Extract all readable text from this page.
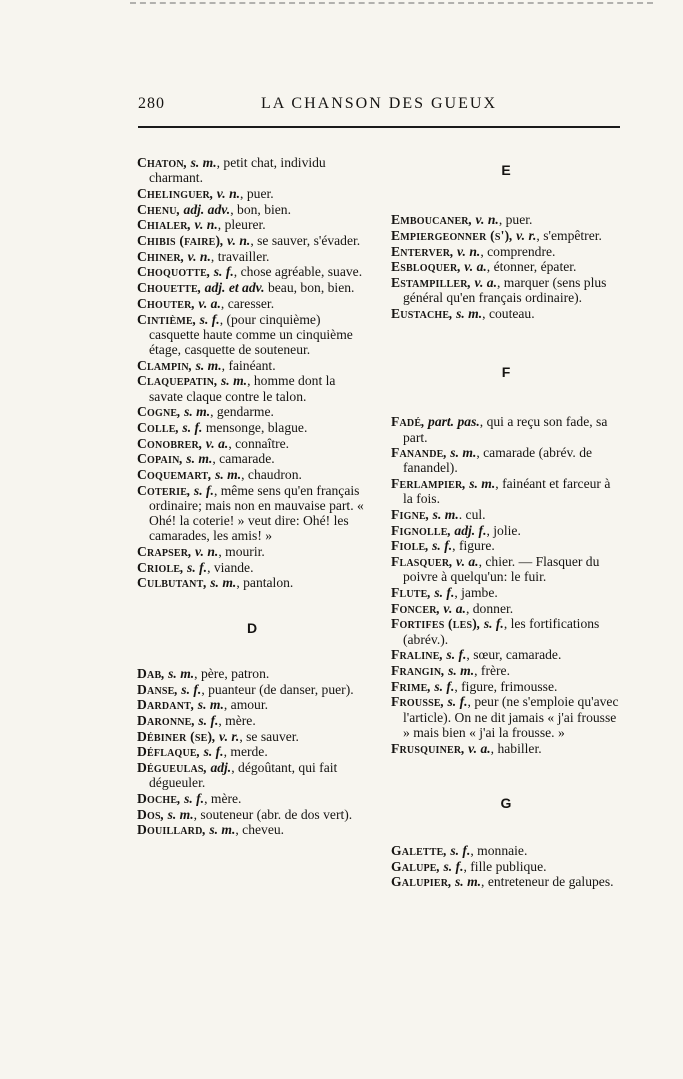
280	LA CHANSON DES GUEUX
Chaton, s. m., petit chat, individu charmant.
Chelinguer, v. n., puer.
Chenu, adj. adv., bon, bien.
Chialer, v. n., pleurer.
Chibis (faire), v. n., se sauver, s'évader.
Chiner, v. n., travailler.
Choquotte, s. f., chose agréable, suave.
Chouette, adj. et adv. beau, bon, bien.
Chouter, v. a., caresser.
Cintième, s. f., (pour cinquième) casquette haute comme un cinquième étage, casquette de souteneur.
Clampin, s. m., fainéant.
Claquepatin, s. m., homme dont la savate claque contre le talon.
Cogne, s. m., gendarme.
Colle, s. f. mensonge, blague.
Conobrer, v. a., connaître.
Copain, s. m., camarade.
Coquemart, s. m., chaudron.
Coterie, s. f., même sens qu'en français ordinaire; mais non en mauvaise part. « Ohé! la coterie! » veut dire: Ohé! les camarades, les amis! »
Crapser, v. n., mourir.
Criole, s. f., viande.
Culbutant, s. m., pantalon.
D
Dab, s. m., père, patron.
Danse, s. f., puanteur (de danser, puer).
Dardant, s. m., amour.
Daronne, s. f., mère.
Débiner (se), v. r., se sauver.
Déflaque, s. f., merde.
Dégueulas, adj., dégoûtant, qui fait dégueuler.
Doche, s. f., mère.
Dos, s. m., souteneur (abr. de dos vert).
Douillard, s. m., cheveu.
E
Emboucaner, v. n., puer.
Empiergeonner (s'), v. r., s'empêtrer.
Enterver, v. n., comprendre.
Esbloquer, v. a., étonner, épater.
Estampiller, v. a., marquer (sens plus général qu'en français ordinaire).
Eustache, s. m., couteau.
F
Fadé, part. pas., qui a reçu son fade, sa part.
Fanande, s. m., camarade (abrév. de fanandel).
Ferlampier, s. m., fainéant et farceur à la fois.
Figne, s. m.. cul.
Fignolle, adj. f., jolie.
Fiole, s. f., figure.
Flasquer, v. a., chier. — Flasquer du poivre à quelqu'un: le fuir.
Flute, s. f., jambe.
Foncer, v. a., donner.
Fortifes (les), s. f., les fortifications (abrév.).
Fraline, s. f., sœur, camarade.
Frangin, s. m., frère.
Frime, s. f., figure, frimousse.
Frousse, s. f., peur (ne s'emploie qu'avec l'article). On ne dit jamais « j'ai frousse » mais bien « j'ai la frousse. »
Frusquiner, v. a., habiller.
G
Galette, s. f., monnaie.
Galupe, s. f., fille publique.
Galupier, s. m., entreteneur de galupes.
